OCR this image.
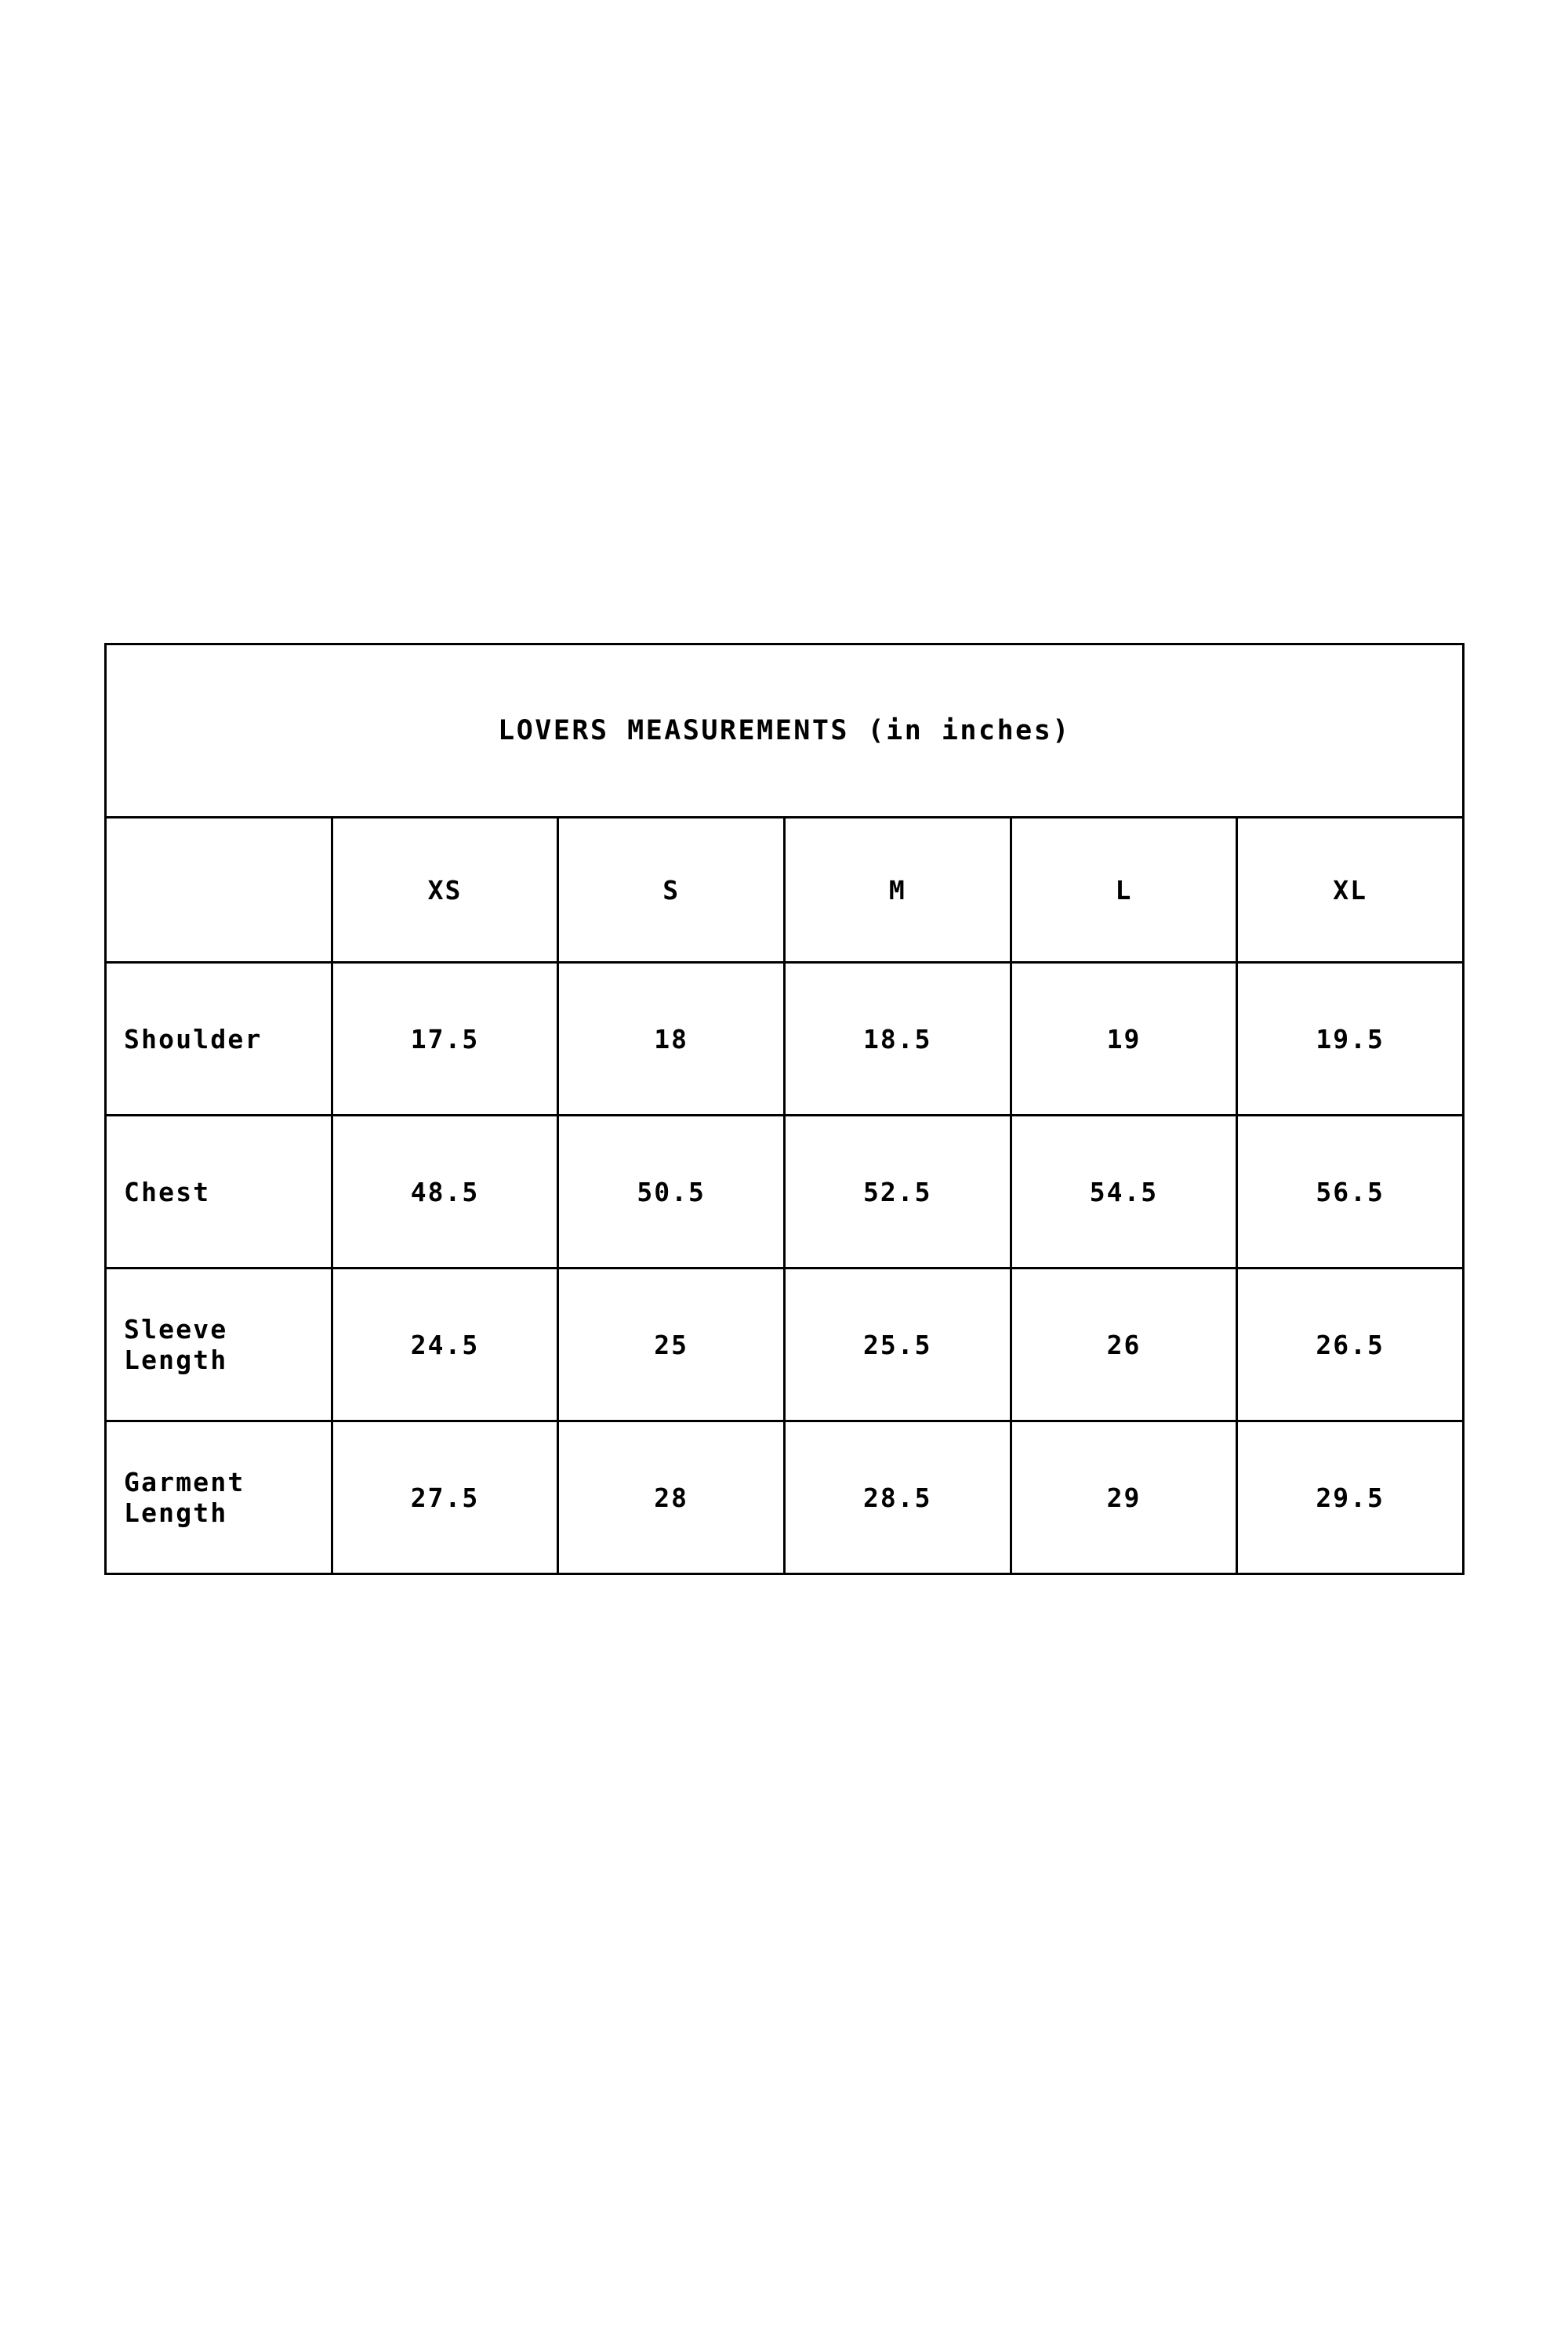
LOVERS MEASUREMENTS (in inches)					
	XS	S	M	L	XL
Shoulder	17.5	18	18.5	19	19.5
Chest	48.5	50.5	52.5	54.5	56.5
Sleeve Length	24.5	25	25.5	26	26.5
Garment Length	27.5	28	28.5	29	29.5
